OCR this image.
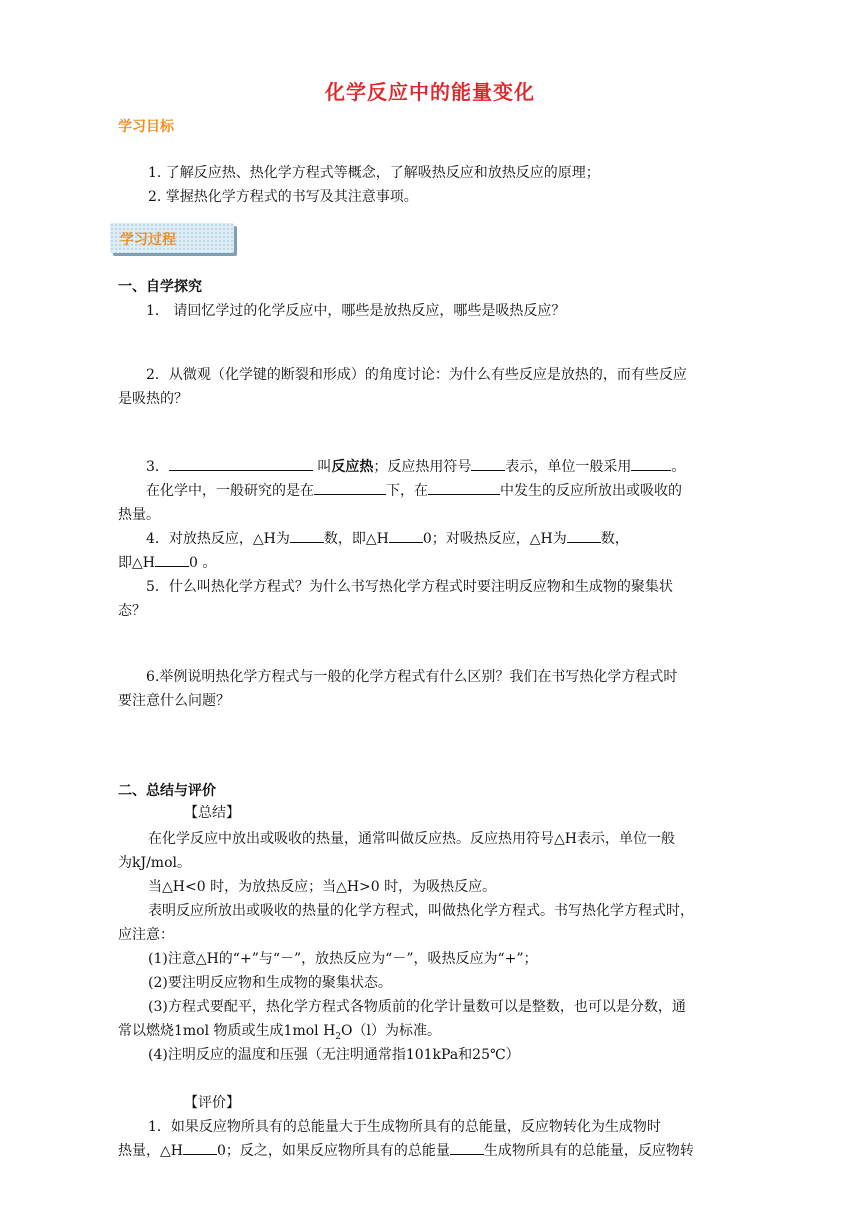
化学反应中的能量变化
学习目标
1. 了解反应热、热化学方程式等概念，了解吸热反应和放热反应的原理；
2. 掌握热化学方程式的书写及其注意事项。
学习过程
一、自学探究
1． 请回忆学过的化学反应中，哪些是放热反应，哪些是吸热反应？
2．从微观（化学键的断裂和形成）的角度讨论：为什么有些反应是放热的，而有些反应
是吸热的？
3．	叫反应热；反应热用符号 表示，单位一般采用	。
在化学中，一般研究的是在	下，在	中发生的反应所放出或吸收的
热量。
4．对放热反应，△H为 数，即△H 0；对吸热反应，△H为 数，
即△H 0 。
5．什么叫热化学方程式？为什么书写热化学方程式时要注明反应物和生成物的聚集状
态？
6.举例说明热化学方程式与一般的化学方程式有什么区别？我们在书写热化学方程式时
要注意什么问题？
二、总结与评价
【总结】
在化学反应中放出或吸收的热量，通常叫做反应热。反应热用符号△H表示，单位一般
为kJ/mol。
当△H<0 时，为放热反应；当△H>0 时，为吸热反应。
表明反应所放出或吸收的热量的化学方程式，叫做热化学方程式。书写热化学方程式时，
应注意：
(1)注意△H的“+”与“－”，放热反应为“－”，吸热反应为“+”；
(2)要注明反应物和生成物的聚集状态。
(3)方程式要配平，热化学方程式各物质前的化学计量数可以是整数，也可以是分数，通
常以燃烧1mol 物质或生成1mol $H_2O(l)$为标准。
(4)注明反应的温度和压强（无注明通常指101kPa和25℃）
【评价】
1．如果反应物所具有的总能量大于生成物所具有的总能量，反应物转化为生成物时
热量，△H 0；反之，如果反应物所具有的总能量 生成物所具有的总能量，反应物转
